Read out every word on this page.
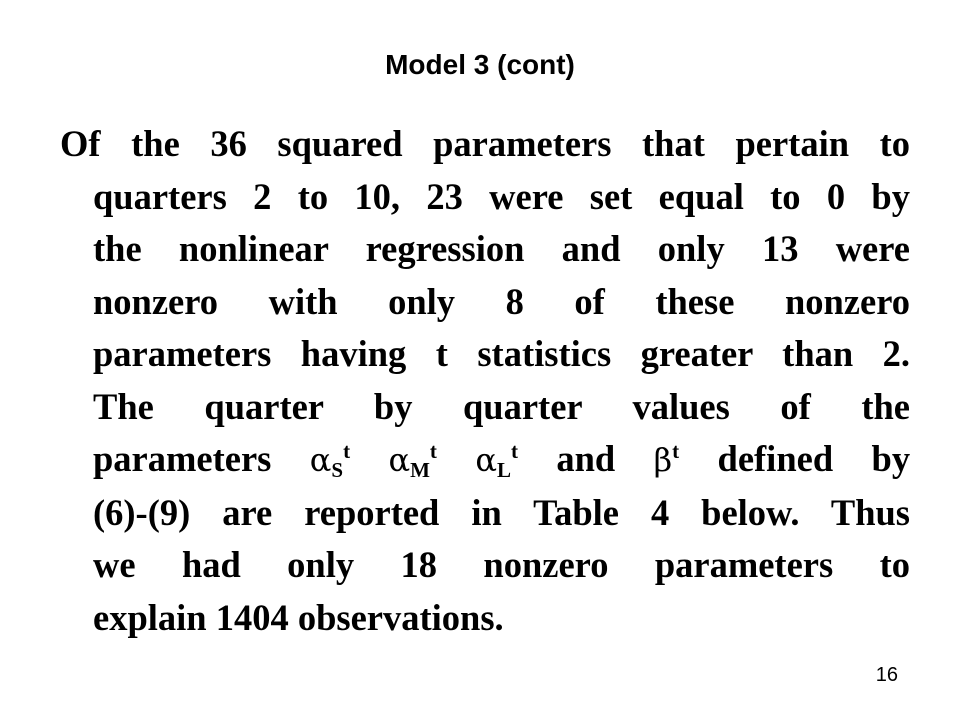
Model 3 (cont)
Of the 36 squared parameters that pertain to
quarters 2 to 10, 23 were set equal to 0 by
the nonlinear regression and only 13 were
nonzero with only 8 of these nonzero
parameters having t statistics greater than 2.
The quarter by quarter values of the
parameters $\alpha_S^t$ $\alpha_M^t$ $\alpha_L^t$ and $\beta^t$ defined by
(6)-(9) are reported in Table 4 below. Thus
we had only 18 nonzero parameters to
explain 1404 observations.
16
